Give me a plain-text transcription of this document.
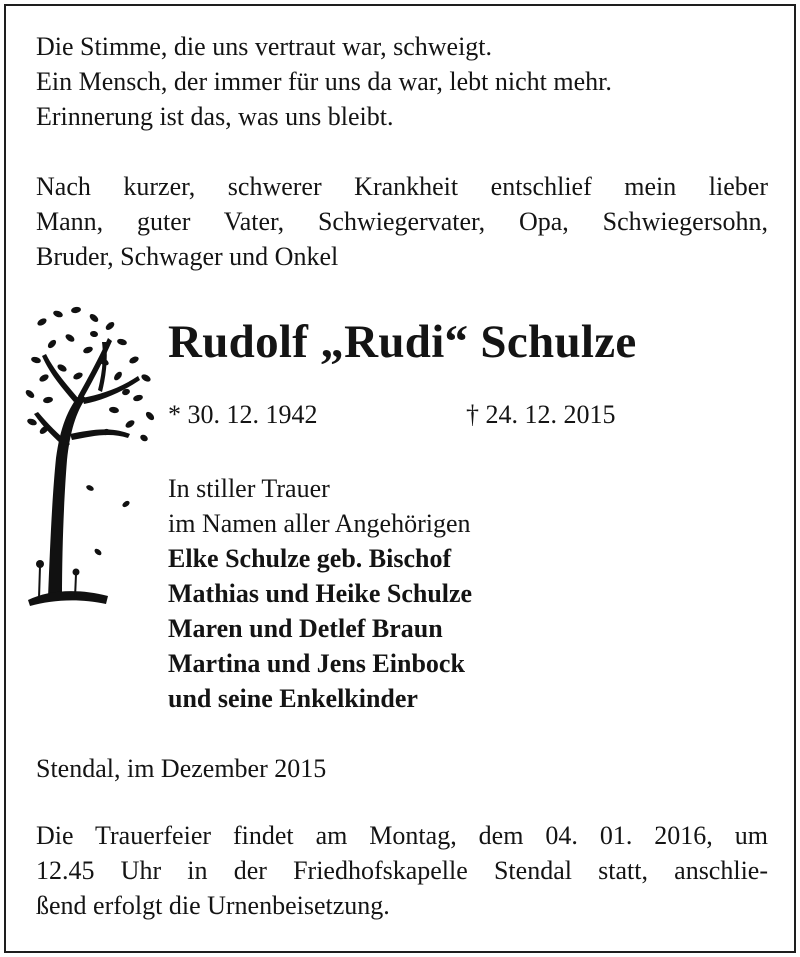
Die Stimme, die uns vertraut war, schweigt.
Ein Mensch, der immer für uns da war, lebt nicht mehr.
Erinnerung ist das, was uns bleibt.
Nach kurzer, schwerer Krankheit entschlief mein lieber
Mann, guter Vater, Schwiegervater, Opa, Schwiegersohn,
Bruder, Schwager und Onkel
Rudolf „Rudi“ Schulze
* 30. 12. 1942	† 24. 12. 2015
In stiller Trauer
im Namen aller Angehörigen
Elke Schulze geb. Bischof
Mathias und Heike Schulze
Maren und Detlef Braun
Martina und Jens Einbock
und seine Enkelkinder
Stendal, im Dezember 2015
Die Trauerfeier findet am Montag, dem 04. 01. 2016, um
12.45 Uhr in der Friedhofskapelle Stendal statt, anschlie-
ßend erfolgt die Urnenbeisetzung.
